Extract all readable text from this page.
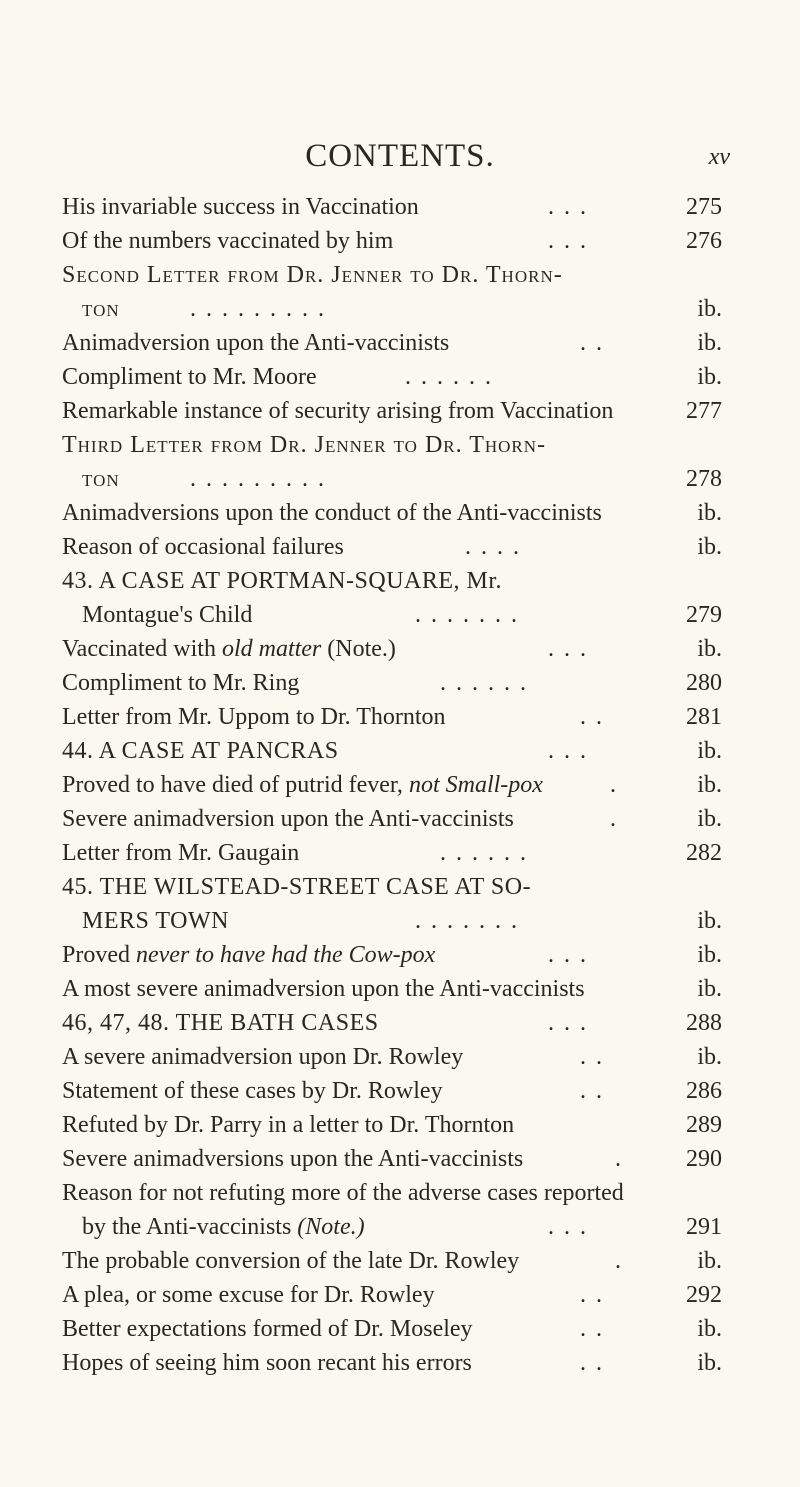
CONTENTS.	xv
His invariable success in Vaccination	. . .	275
Of the numbers vaccinated by him	. . .	276
Second Letter from Dr. Jenner to Dr. Thorn-
ton	. . . . . . . . .	ib.
Animadversion upon the Anti-vaccinists	. .	ib.
Compliment to Mr. Moore	. . . . . .	ib.
Remarkable instance of security arising from Vaccination	277
Third Letter from Dr. Jenner to Dr. Thorn-
ton	. . . . . . . . .	278
Animadversions upon the conduct of the Anti-vaccinists	ib.
Reason of occasional failures	. . . .	ib.
43. A CASE AT PORTMAN-SQUARE, Mr.
Montague's Child	. . . . . . .	279
Vaccinated with old matter (Note.)	. . .	ib.
Compliment to Mr. Ring	. . . . . .	280
Letter from Mr. Uppom to Dr. Thornton	. .	281
44. A CASE AT PANCRAS	. . .	ib.
Proved to have died of putrid fever, not Small-pox	.	ib.
Severe animadversion upon the Anti-vaccinists	.	ib.
Letter from Mr. Gaugain	. . . . . .	282
45. THE WILSTEAD-STREET CASE AT SO-
MERS TOWN	. . . . . . .	ib.
Proved never to have had the Cow-pox	. . .	ib.
A most severe animadversion upon the Anti-vaccinists	ib.
46, 47, 48. THE BATH CASES	. . .	288
A severe animadversion upon Dr. Rowley	. .	ib.
Statement of these cases by Dr. Rowley	. .	286
Refuted by Dr. Parry in a letter to Dr. Thornton	289
Severe animadversions upon the Anti-vaccinists	.	290
Reason for not refuting more of the adverse cases reported
by the Anti-vaccinists (Note.)	. . .	291
The probable conversion of the late Dr. Rowley	.	ib.
A plea, or some excuse for Dr. Rowley	. .	292
Better expectations formed of Dr. Moseley	. .	ib.
Hopes of seeing him soon recant his errors	. .	ib.
